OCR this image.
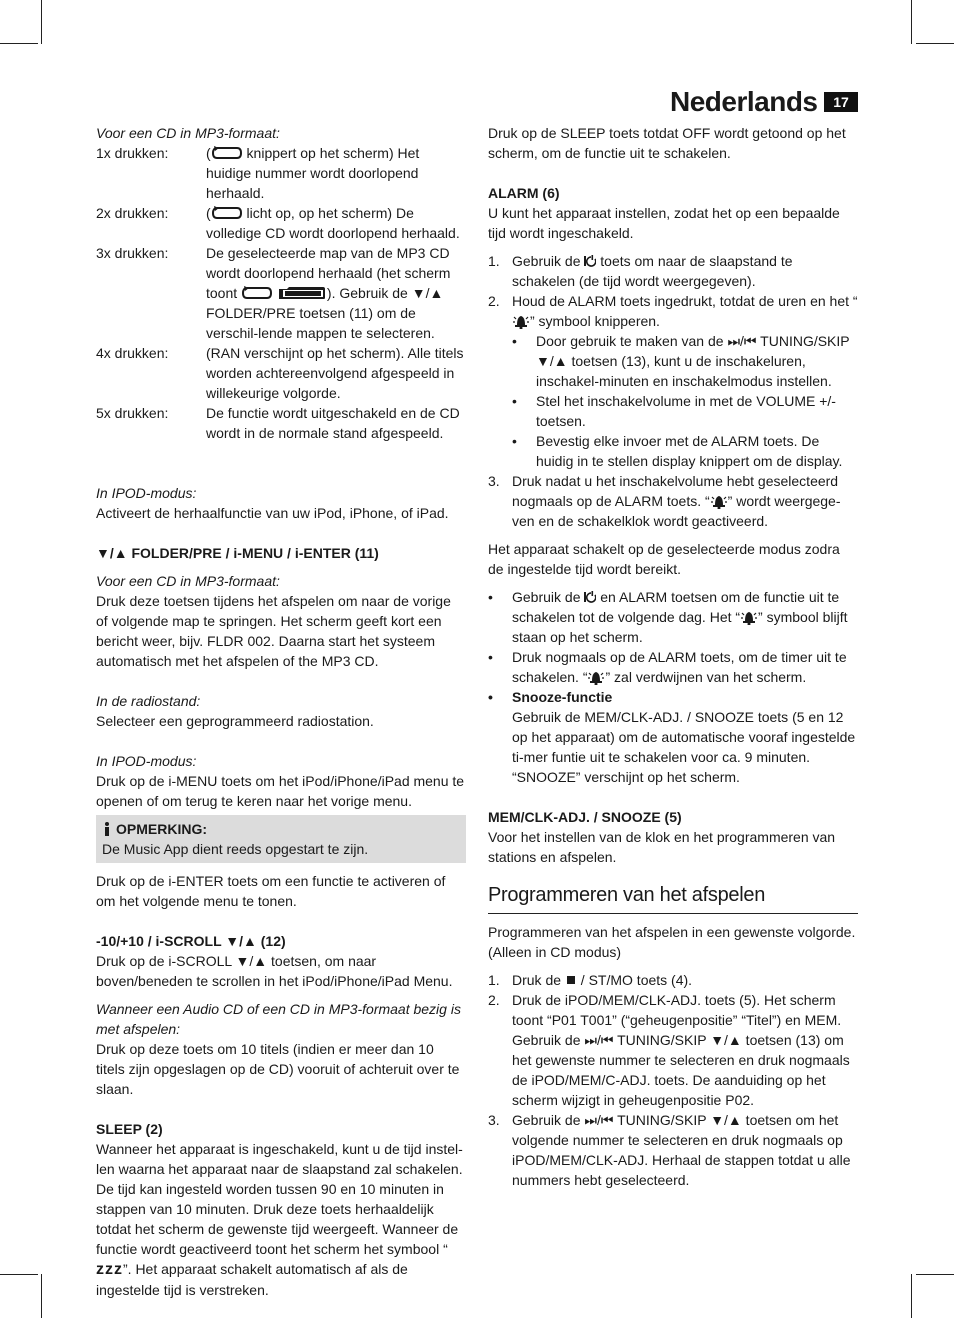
Nederlands	17

Voor een CD in MP3-formaat:

1x drukken:	( knippert op het scherm) Het huidige nummer wordt doorlopend herhaald.
2x drukken:	( licht op, op het scherm) De volledige CD wordt doorlopend herhaald.
3x drukken:	De geselecteerde map van de MP3 CD wordt doorlopend herhaald (het scherm toont	). Gebruik de ▼/▲ FOLDER/PRE toetsen (11) om de verschil-lende mappen te selecteren.
4x drukken:	(RAN verschijnt op het scherm). Alle titels worden achtereenvolgend afgespeeld in willekeurige volgorde.
5x drukken:	De functie wordt uitgeschakeld en de CD wordt in de normale stand afgespeeld.

In IPOD-modus:

Activeert de herhaalfunctie van uw iPod, iPhone, of iPad.

▼/▲ FOLDER/PRE / i-MENU / i-ENTER (11)

Voor een CD in MP3-formaat:

Druk deze toetsen tijdens het afspelen om naar de vorige of volgende map te springen. Het scherm geeft kort een bericht weer, bijv. FLDR 002. Daarna start het systeem automatisch met het afspelen of the MP3 CD.

In de radiostand:

Selecteer een geprogrammeerd radiostation.

In IPOD-modus:

Druk op de i-MENU toets om het iPod/iPhone/iPad menu te openen of om terug te keren naar het vorige menu.

OPMERKING:

De Music App dient reeds opgestart te zijn.

Druk op de i-ENTER toets om een functie te activeren of om het volgende menu te tonen.

-10/+10 / i-SCROLL ▼/▲ (12)

Druk op de i-SCROLL ▼/▲ toetsen, om naar boven/beneden te scrollen in het iPod/iPhone/iPad Menu.

Wanneer een Audio CD of een CD in MP3-formaat bezig is met afspelen:

Druk op deze toets om 10 titels (indien er meer dan 10 titels zijn opgeslagen op de CD) vooruit of achteruit over te slaan.

SLEEP (2)

Wanneer het apparaat is ingeschakeld, kunt u de tijd instel-len waarna het apparaat naar de slaapstand zal schakelen. De tijd kan ingesteld worden tussen 90 en 10 minuten in stappen van 10 minuten. Druk deze toets herhaaldelijk totdat het scherm de gewenste tijd weergeeft. Wanneer de functie wordt geactiveerd toont het scherm het symbool “zzz”. Het apparaat schakelt automatisch af als de ingestelde tijd is verstreken.

Druk op de SLEEP toets totdat OFF wordt getoond op het scherm, om de functie uit te schakelen.

ALARM (6)

U kunt het apparaat instellen, zodat het op een bepaalde tijd wordt ingeschakeld.

1. Gebruik de  toets om naar de slaapstand te schakelen (de tijd wordt weergegeven).
2. Houd de ALARM toets ingedrukt, totdat de uren en het “” symbool knipperen.
•	Door gebruik te maken van de ⏭/⏮ TUNING/SKIP ▼/▲ toetsen (13), kunt u de inschakeluren, inschakel-minuten en inschakelmodus instellen.
•	Stel het inschakelvolume in met de VOLUME +/- toetsen.
•	Bevestig elke invoer met de ALARM toets. De huidig in te stellen display knippert om de display.
3. Druk nadat u het inschakelvolume hebt geselecteerd nogmaals op de ALARM toets. “ ” wordt weergege-ven en de schakelklok wordt geactiveerd.

Het apparaat schakelt op de geselecteerde modus zodra de ingestelde tijd wordt bereikt.

•	Gebruik de  en ALARM toetsen om de functie uit te schakelen tot de volgende dag. Het “ ” symbool blijft staan op het scherm.
•	Druk nogmaals op de ALARM toets, om de timer uit te schakelen. “ ” zal verdwijnen van het scherm.
•	Snooze-functie

Gebruik de MEM/CLK-ADJ. / SNOOZE toets (5 en 12 op het apparaat) om de automatische vooraf ingestelde ti-mer funtie uit te schakelen voor ca. 9 minuten. “SNOOZE” verschijnt op het scherm.

MEM/CLK-ADJ. / SNOOZE (5)

Voor het instellen van de klok en het programmeren van stations en afspelen.

Programmeren van het afspelen

Programmeren van het afspelen in een gewenste volgorde. (Alleen in CD modus)

1. Druk de  / ST/MO toets (4).
2. Druk de iPOD/MEM/CLK-ADJ. toets (5). Het scherm toont “P01 T001” (“geheugenpositie” “Titel”) en MEM. Gebruik de ⏭/⏮ TUNING/SKIP ▼/▲ toetsen (13) om het gewenste nummer te selecteren en druk nogmaals de iPOD/MEM/C-ADJ. toets. De aanduiding op het scherm wijzigt in geheugenpositie P02.
3. Gebruik de ⏭/⏮ TUNING/SKIP ▼/▲ toetsen om het volgende nummer te selecteren en druk nogmaals op iPOD/MEM/CLK-ADJ. Herhaal de stappen totdat u alle nummers hebt geselecteerd.
